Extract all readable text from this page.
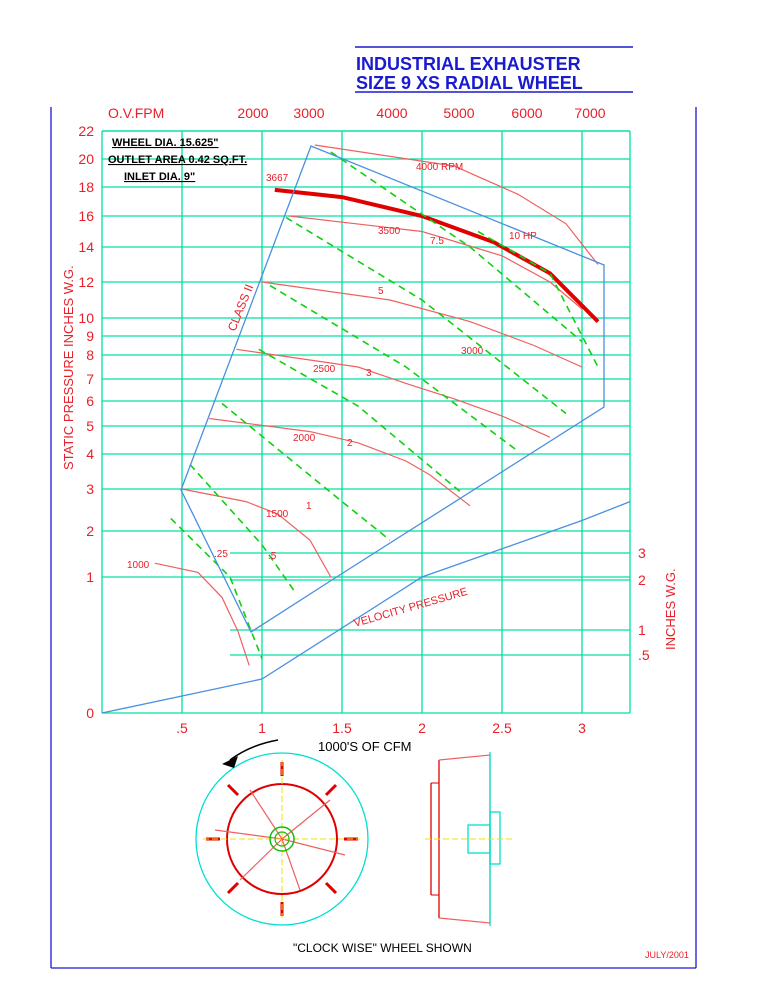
INDUSTRIAL EXHAUSTER
SIZE 9 XS RADIAL WHEEL
.5	1	1.5	2	2.5	3
0
1
2
3
4
5
6
7
8
9
10
12
14
16
18
20
22
.5
1
2
3
2000 3000	4000	5000	6000 7000
1000
1500
2000
2500
3000
3500
4000 RPM
.25	.5
1
2
3
5
7.5	10 HP
3667
CLASS II
VELOCITY PRESSURE
STATIC PRESSURE INCHES W.G.
INCHES W.G.
1000'S OF CFM
O.V.FPM
WHEEL DIA. 15.625"
OUTLET AREA 0.42 SQ.FT.
INLET DIA. 9"
"CLOCK WISE" WHEEL SHOWN	JULY/2001
